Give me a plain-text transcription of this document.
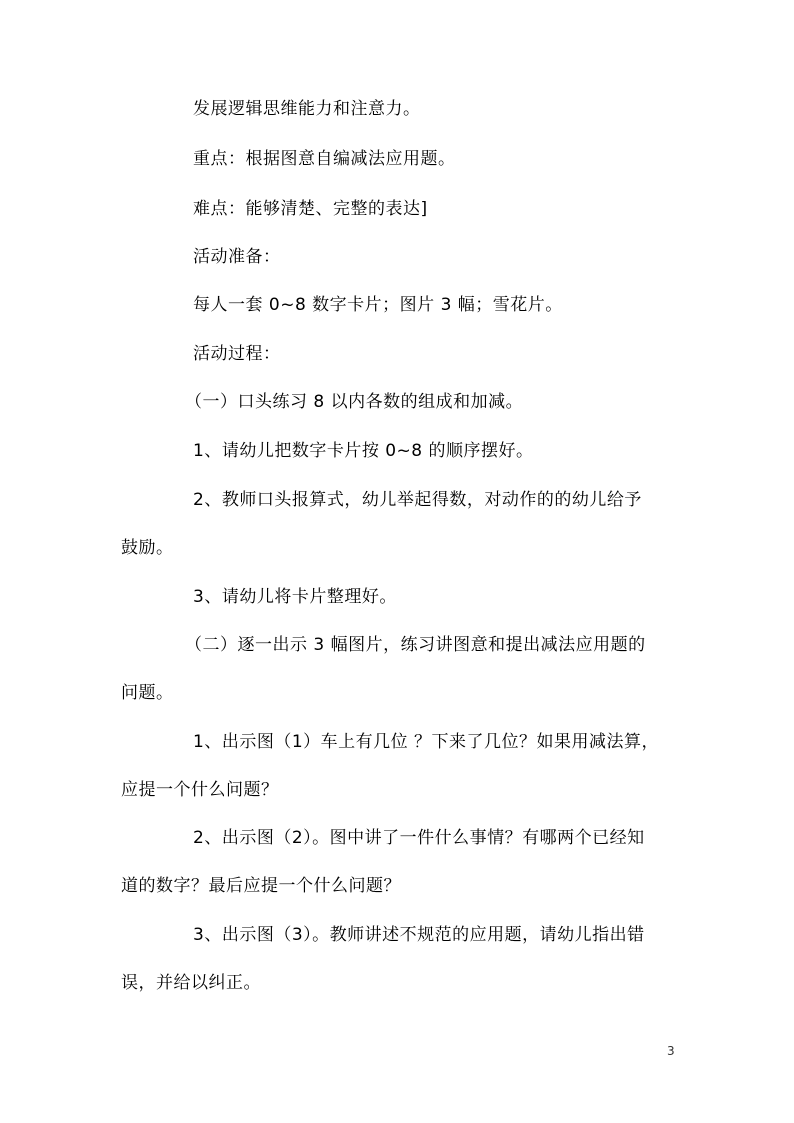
发展逻辑思维能力和注意力。
重点：根据图意自编减法应用题。
难点：能够清楚、完整的表达]
活动准备：
每人一套 0~8 数字卡片；图片 3 幅；雪花片。
活动过程：
（一）口头练习 8 以内各数的组成和加减。
1、请幼儿把数字卡片按 0~8 的顺序摆好。
2、教师口头报算式，幼儿举起得数，对动作的的幼儿给予
鼓励。
3、请幼儿将卡片整理好。
（二）逐一出示 3 幅图片，练习讲图意和提出减法应用题的
问题。
1、出示图（1）车上有几位 ？下来了几位？如果用减法算，
应提一个什么问题？
2、出示图（2）。图中讲了一件什么事情？有哪两个已经知
道的数字？最后应提一个什么问题？
3、出示图（3）。教师讲述不规范的应用题，请幼儿指出错
误，并给以纠正。
3
